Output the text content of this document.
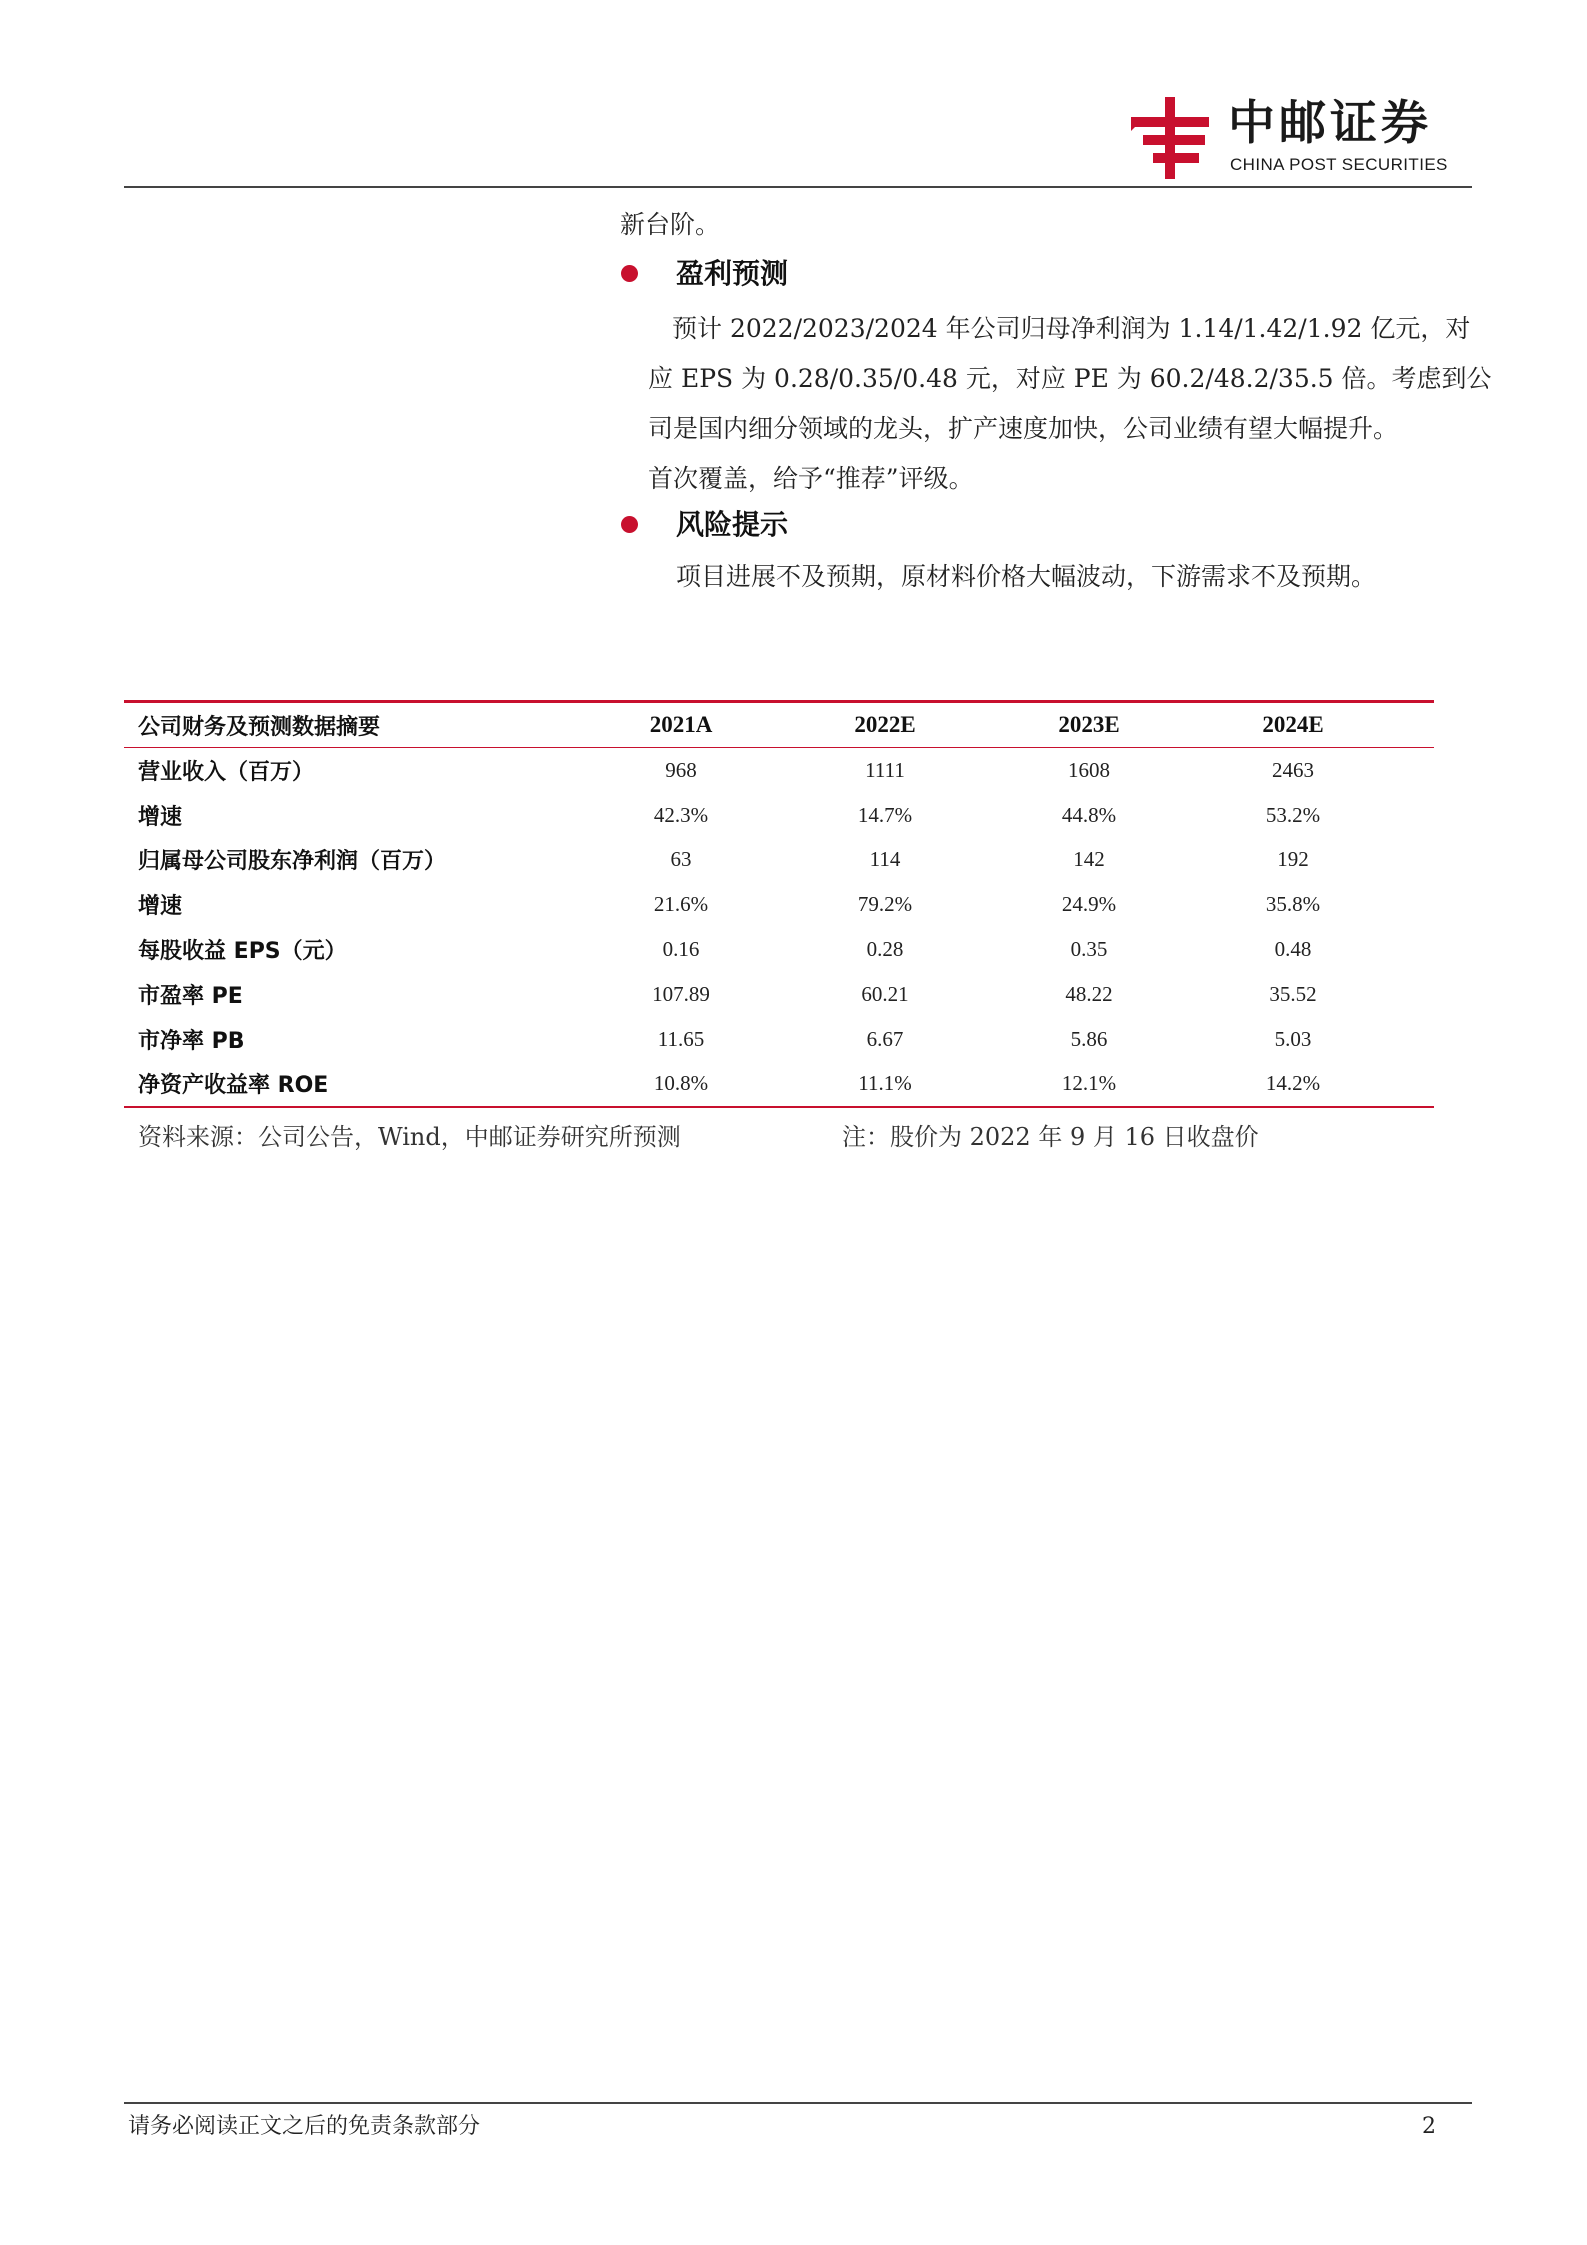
中邮证券
CHINA POST SECURITIES
新台阶。
盈利预测
预计 2022/2023/2024 年公司归母净利润为 1.14/1.42/1.92 亿元，对
应 EPS 为 0.28/0.35/0.48 元，对应 PE 为 60.2/48.2/35.5 倍。考虑到公
司是国内细分领域的龙头，扩产速度加快，公司业绩有望大幅提升。
首次覆盖，给予“推荐”评级。
风险提示
项目进展不及预期，原材料价格大幅波动，下游需求不及预期。
公司财务及预测数据摘要	2021A	2022E	2023E	2024E
营业收入（百万）	968	1111	1608	2463
增速	42.3%	14.7%	44.8%	53.2%
归属母公司股东净利润（百万）	63	114	142	192
增速	21.6%	79.2%	24.9%	35.8%
每股收益 EPS（元）	0.16	0.28	0.35	0.48
市盈率 PE	107.89	60.21	48.22	35.52
市净率 PB	11.65	6.67	5.86	5.03
净资产收益率 ROE	10.8%	11.1%	12.1%	14.2%
资料来源：公司公告，Wind，中邮证券研究所预测	注：股价为 2022 年 9 月 16 日收盘价
请务必阅读正文之后的免责条款部分	2
